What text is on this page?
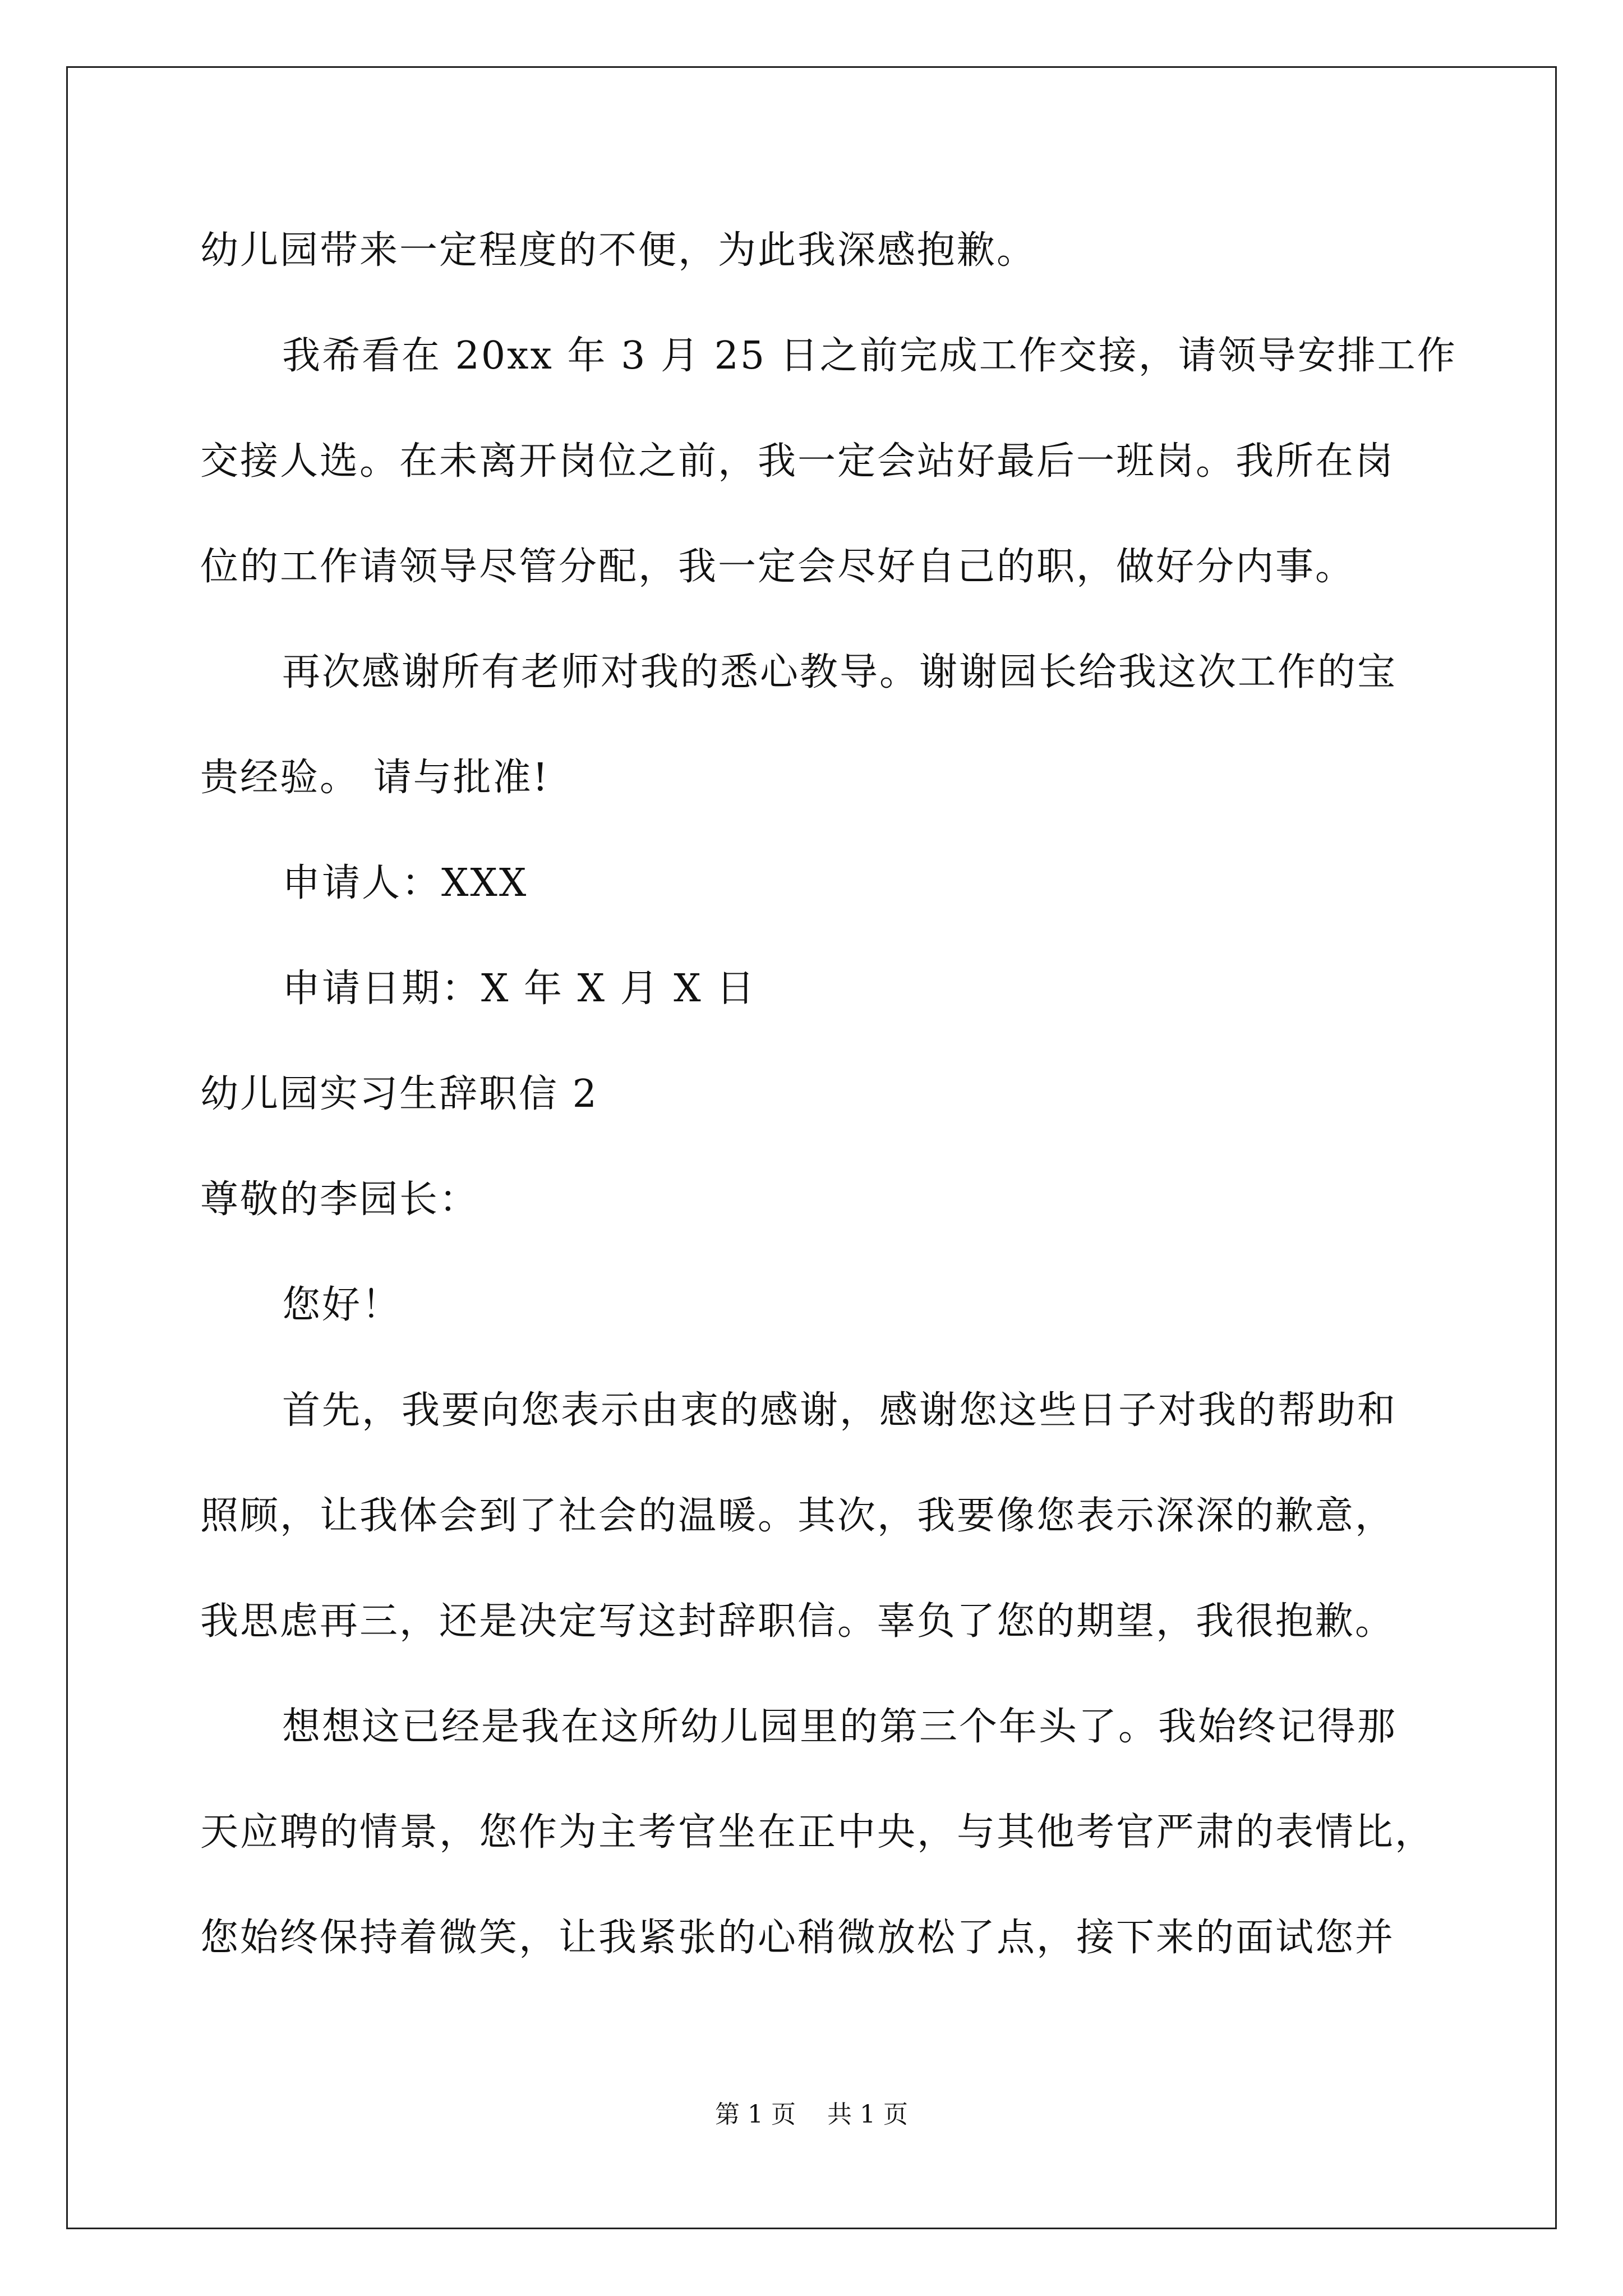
幼儿园带来一定程度的不便，为此我深感抱歉。
我希看在 20xx 年 3 月 25 日之前完成工作交接，请领导安排工作
交接人选。在未离开岗位之前，我一定会站好最后一班岗。我所在岗
位的工作请领导尽管分配，我一定会尽好自己的职，做好分内事。
再次感谢所有老师对我的悉心教导。谢谢园长给我这次工作的宝
贵经验。 请与批准!
申请人：XXX
申请日期：X 年 X 月 X 日
幼儿园实习生辞职信 2
尊敬的李园长：
您好！
首先，我要向您表示由衷的感谢，感谢您这些日子对我的帮助和
照顾，让我体会到了社会的温暖。其次，我要像您表示深深的歉意，
我思虑再三，还是决定写这封辞职信。辜负了您的期望，我很抱歉。
想想这已经是我在这所幼儿园里的第三个年头了。我始终记得那
天应聘的情景，您作为主考官坐在正中央，与其他考官严肃的表情比，
您始终保持着微笑，让我紧张的心稍微放松了点，接下来的面试您并
第 1 页 共 1 页
